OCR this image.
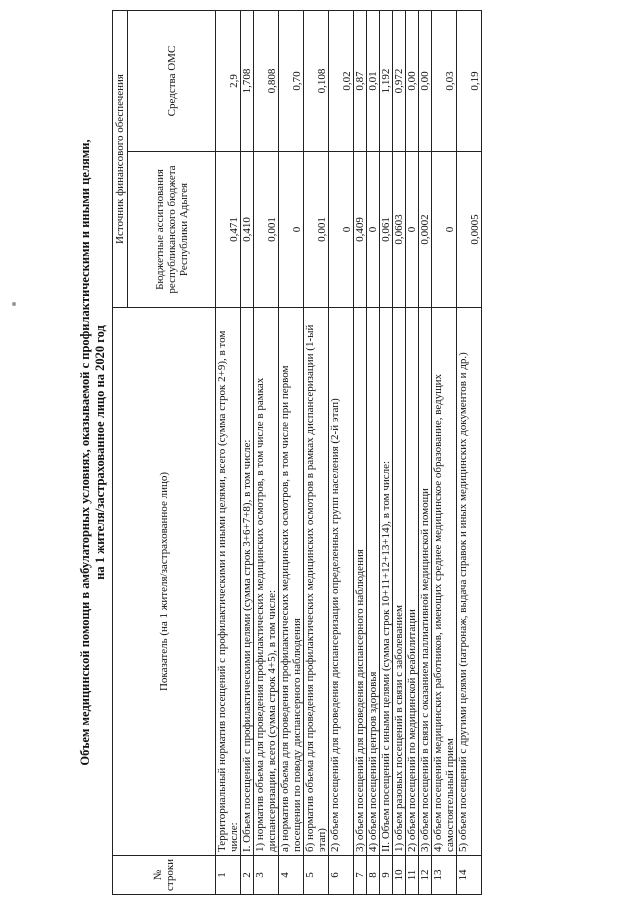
Объем медицинской помощи в амбулаторных условиях, оказываемой с профилактическими и иными целями, на 1 жителя/застрахованное лицо на 2020 год
№ строки	Показатель (на 1 жителя/застрахованное лицо)	Источник финансового обеспечения	
		Бюджетные ассигнования республиканского бюджета Республики Адыгея	Средства ОМС
1	Территориальный норматив посещений с профилактическими и иными целями, всего (сумма строк 2+9), в том числе:	0,471	2,9
2	I. Объем посещений с профилактическими целями (сумма строк 3+6+7+8), в том числе:	0,410	1,708
3	1) норматив объема для проведения профилактических медицинских осмотров, в том числе в рамках диспансеризации, всего (сумма строк 4+5), в том числе:	0,001	0,808
4	а) норматив объема для проведения профилактических медицинских осмотров, в том числе при первом посещении по поводу диспансерного наблюдения	0	0,70
5	б) норматив объема для проведения профилактических медицинских осмотров в рамках диспансеризации (1-ый этап)	0,001	0,108
6	2) объем посещений для проведения диспансеризации определенных групп населения (2-й этап)	0	0,02
7	3) объем посещений для проведения диспансерного наблюдения	0,409	0,87
8	4) объем посещений центров здоровья	0	0,01
9	II. Объем посещений с иными целями (сумма строк 10+11+12+13+14), в том числе:	0,061	1,192
10	1) объем разовых посещений в связи с заболеванием	0,0603	0,972
11	2) объем посещений по медицинской реабилитации	0	0,00
12	3) объем посещений в связи с оказанием паллиативной медицинской помощи	0,0002	0,00
13	4) объем посещений медицинских работников, имеющих среднее медицинское образование, ведущих самостоятельный прием	0	0,03
14	5) объем посещений с другими целями (патронаж, выдача справок и иных медицинских документов и др.)	0,0005	0,19
